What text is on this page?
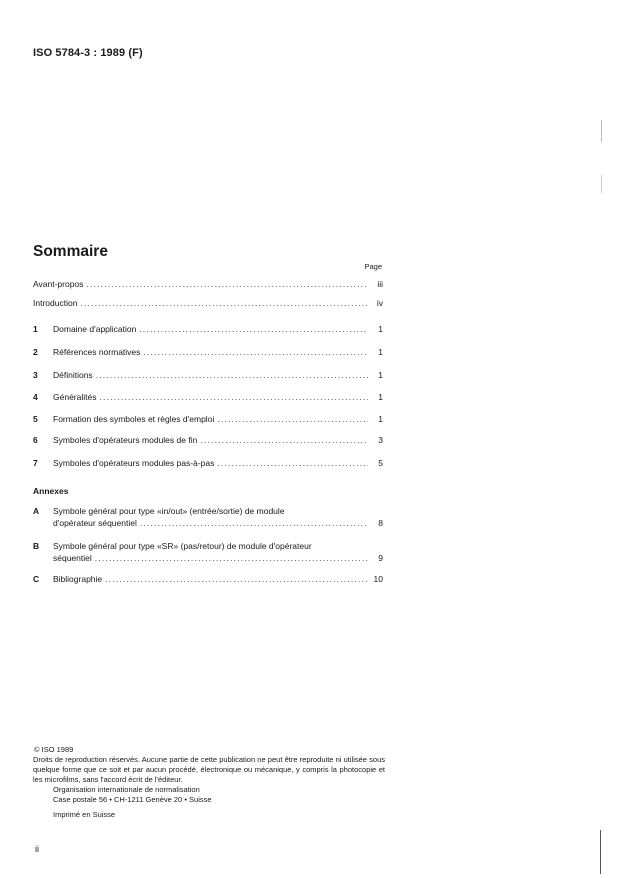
ISO 5784-3 : 1989 (F)
Sommaire
Page
Avant-propos .....	iii
Introduction .....	iv
1	Domaine d'application .....	1
2	Références normatives .....	1
3	Définitions .....	1
4	Généralités .....	1
5	Formation des symboles et règles d'emploi .....	1
6	Symboles d'opérateurs modules de fin .....	3
7	Symboles d'opérateurs modules pas-à-pas .....	5
Annexes
A	Symbole général pour type «in/out» (entrée/sortie) de module
d'opérateur séquentiel .....	8
B	Symbole général pour type «SR» (pas/retour) de module d'opérateur
séquentiel .....	9
C	Bibliographie .....	10
© ISO 1989
Droits de reproduction réservés. Aucune partie de cette publication ne peut être reproduite ni utilisée sous quelque forme que ce soit et par aucun procédé, électronique ou mécanique, y compris la photocopie et les microfilms, sans l'accord écrit de l'éditeur.
Organisation internationale de normalisation
Case postale 56 • CH-1211 Genève 20 • Suisse
Imprimé en Suisse
ii
